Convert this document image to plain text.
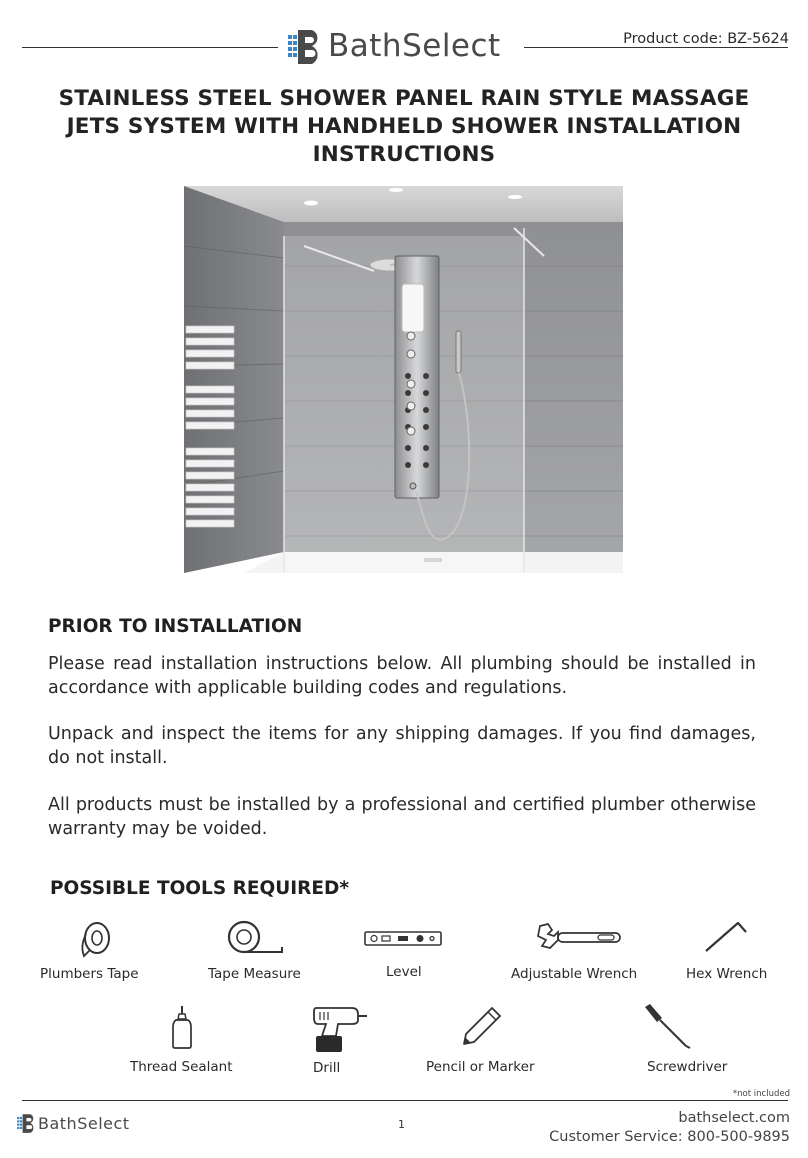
BathSelect	Product code: BZ-5624
STAINLESS STEEL SHOWER PANEL RAIN STYLE MASSAGE
JETS SYSTEM WITH HANDHELD SHOWER INSTALLATION
INSTRUCTIONS
PRIOR TO INSTALLATION

Please read installation instructions below. All plumbing should be installed in accordance with applicable building codes and regulations.

Unpack and inspect the items for any shipping damages. If you find damages, do not install.

All products must be installed by a professional and certified plumber otherwise warranty may be voided.

POSSIBLE TOOLS REQUIRED*
Plumbers Tape	Tape Measure	Level	Adjustable Wrench	Hex Wrench
Thread Sealant	Drill	Pencil or Marker	Screwdriver
*not included
BathSelect	1	bathselect.com
Customer Service: 800-500-9895
